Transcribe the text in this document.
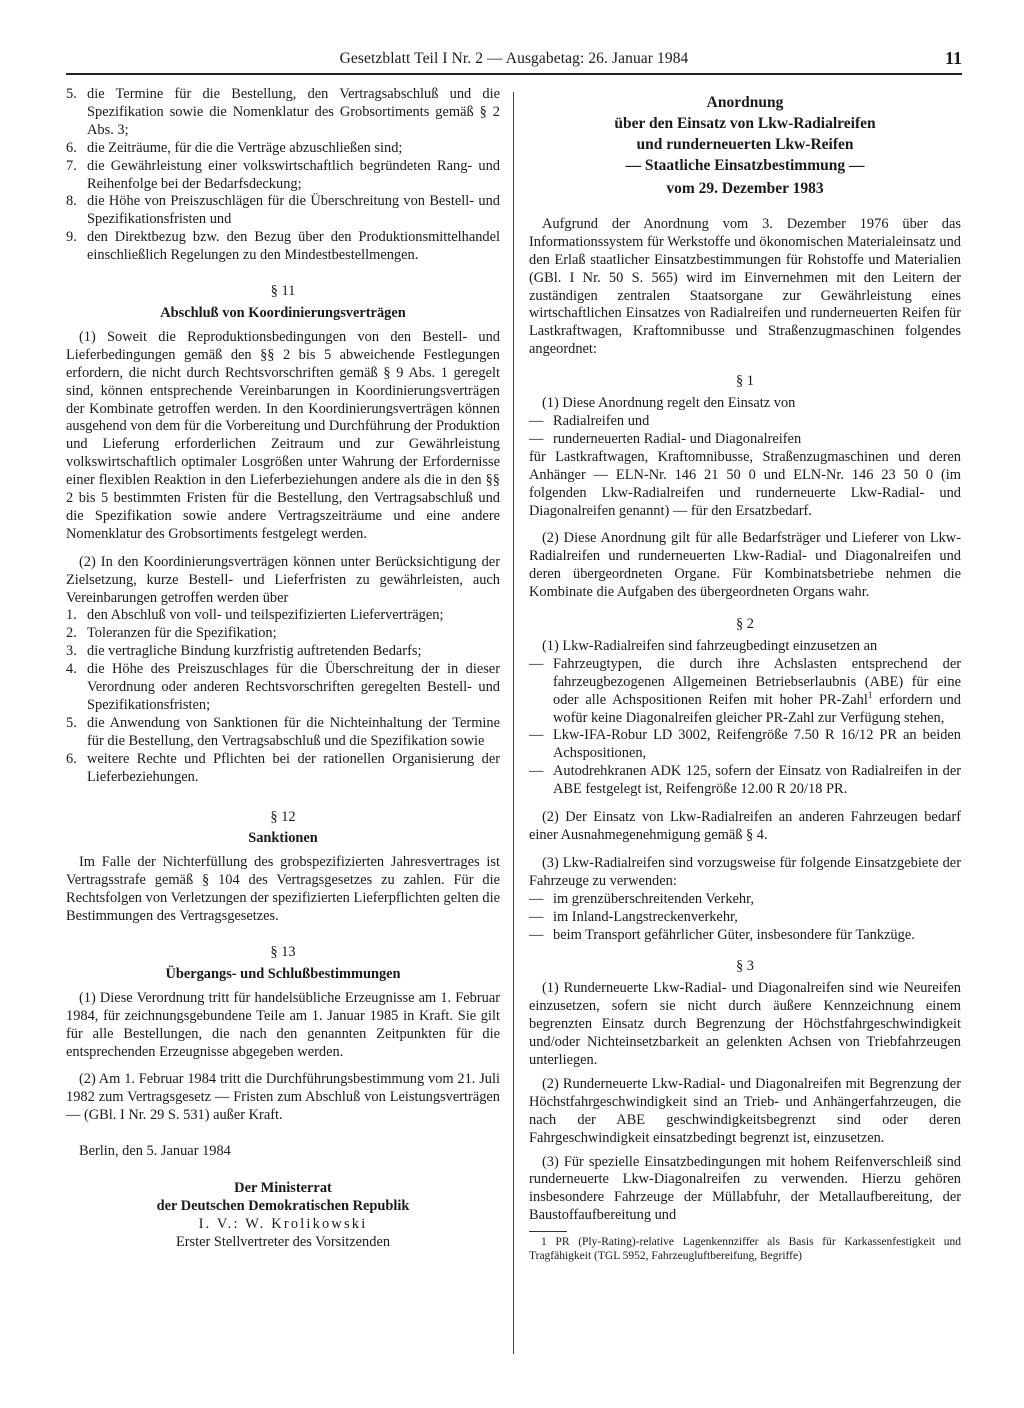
Gesetzblatt Teil I Nr. 2 — Ausgabetag: 26. Januar 1984	11

5. die Termine für die Bestellung, den Vertragsabschluß und die Spezifikation sowie die Nomenklatur des Grobsortiments gemäß § 2 Abs. 3;

6. die Zeiträume, für die die Verträge abzuschließen sind;

7. die Gewährleistung einer volkswirtschaftlich begründeten Rang- und Reihenfolge bei der Bedarfsdeckung;

8. die Höhe von Preiszuschlägen für die Überschreitung von Bestell- und Spezifikationsfristen und

9. den Direktbezug bzw. den Bezug über den Produktionsmittelhandel einschließlich Regelungen zu den Mindestbestellmengen.

§ 11
Abschluß von Koordinierungsverträgen

(1) Soweit die Reproduktionsbedingungen von den Bestell- und Lieferbedingungen gemäß den §§ 2 bis 5 abweichende Festlegungen erfordern, die nicht durch Rechtsvorschriften gemäß § 9 Abs. 1 geregelt sind, können entsprechende Vereinbarungen in Koordinierungsverträgen der Kombinate getroffen werden. In den Koordinierungsverträgen können ausgehend von dem für die Vorbereitung und Durchführung der Produktion und Lieferung erforderlichen Zeitraum und zur Gewährleistung volkswirtschaftlich optimaler Losgrößen unter Wahrung der Erfordernisse einer flexiblen Reaktion in den Lieferbeziehungen andere als die in den §§ 2 bis 5 bestimmten Fristen für die Bestellung, den Vertragsabschluß und die Spezifikation sowie andere Vertragszeiträume und eine andere Nomenklatur des Grobsortiments festgelegt werden.

(2) In den Koordinierungsverträgen können unter Berücksichtigung der Zielsetzung, kurze Bestell- und Lieferfristen zu gewährleisten, auch Vereinbarungen getroffen werden über

1. den Abschluß von voll- und teilspezifizierten Lieferverträgen;

2. Toleranzen für die Spezifikation;

3. die vertragliche Bindung kurzfristig auftretenden Bedarfs;

4. die Höhe des Preiszuschlages für die Überschreitung der in dieser Verordnung oder anderen Rechtsvorschriften geregelten Bestell- und Spezifikationsfristen;

5. die Anwendung von Sanktionen für die Nichteinhaltung der Termine für die Bestellung, den Vertragsabschluß und die Spezifikation sowie

6. weitere Rechte und Pflichten bei der rationellen Organisierung der Lieferbeziehungen.

§ 12
Sanktionen

Im Falle der Nichterfüllung des grobspezifizierten Jahresvertrages ist Vertragsstrafe gemäß § 104 des Vertragsgesetzes zu zahlen. Für die Rechtsfolgen von Verletzungen der spezifizierten Lieferpflichten gelten die Bestimmungen des Vertragsgesetzes.

§ 13
Übergangs- und Schlußbestimmungen

(1) Diese Verordnung tritt für handelsübliche Erzeugnisse am 1. Februar 1984, für zeichnungsgebundene Teile am 1. Januar 1985 in Kraft. Sie gilt für alle Bestellungen, die nach den genannten Zeitpunkten für die entsprechenden Erzeugnisse abgegeben werden.

(2) Am 1. Februar 1984 tritt die Durchführungsbestimmung vom 21. Juli 1982 zum Vertragsgesetz — Fristen zum Abschluß von Leistungsverträgen — (GBl. I Nr. 29 S. 531) außer Kraft.

Berlin, den 5. Januar 1984

Der Ministerrat
der Deutschen Demokratischen Republik
I. V.: W. Krolikowski
Erster Stellvertreter des Vorsitzenden
Anordnung
über den Einsatz von Lkw-Radialreifen
und runderneuerten Lkw-Reifen
— Staatliche Einsatzbestimmung —
vom 29. Dezember 1983

Aufgrund der Anordnung vom 3. Dezember 1976 über das Informationssystem für Werkstoffe und ökonomischen Materialeinsatz und den Erlaß staatlicher Einsatzbestimmungen für Rohstoffe und Materialien (GBl. I Nr. 50 S. 565) wird im Einvernehmen mit den Leitern der zuständigen zentralen Staatsorgane zur Gewährleistung eines wirtschaftlichen Einsatzes von Radialreifen und runderneuerten Reifen für Lastkraftwagen, Kraftomnibusse und Straßenzugmaschinen folgendes angeordnet:

§ 1

(1) Diese Anordnung regelt den Einsatz von

— Radialreifen und

— runderneuerten Radial- und Diagonalreifen

für Lastkraftwagen, Kraftomnibusse, Straßenzugmaschinen und deren Anhänger — ELN-Nr. 146 21 50 0 und ELN-Nr. 146 23 50 0 (im folgenden Lkw-Radialreifen und runderneuerte Lkw-Radial- und Diagonalreifen genannt) — für den Ersatzbedarf.

(2) Diese Anordnung gilt für alle Bedarfsträger und Lieferer von Lkw-Radialreifen und runderneuerten Lkw-Radial- und Diagonalreifen und deren übergeordneten Organe. Für Kombinatsbetriebe nehmen die Kombinate die Aufgaben des übergeordneten Organs wahr.

§ 2

(1) Lkw-Radialreifen sind fahrzeugbedingt einzusetzen an

— Fahrzeugtypen, die durch ihre Achslasten entsprechend der fahrzeugbezogenen Allgemeinen Betriebserlaubnis (ABE) für eine oder alle Achspositionen Reifen mit hoher PR-Zahl$^1$ erfordern und wofür keine Diagonalreifen gleicher PR-Zahl zur Verfügung stehen,

— Lkw-IFA-Robur LD 3002, Reifengröße 7.50 R 16/12 PR an beiden Achspositionen,

— Autodrehkranen ADK 125, sofern der Einsatz von Radialreifen in der ABE festgelegt ist, Reifengröße 12.00 R 20/18 PR.

(2) Der Einsatz von Lkw-Radialreifen an anderen Fahrzeugen bedarf einer Ausnahmegenehmigung gemäß § 4.

(3) Lkw-Radialreifen sind vorzugsweise für folgende Einsatzgebiete der Fahrzeuge zu verwenden:

— im grenzüberschreitenden Verkehr,

— im Inland-Langstreckenverkehr,

— beim Transport gefährlicher Güter, insbesondere für Tankzüge.

§ 3

(1) Runderneuerte Lkw-Radial- und Diagonalreifen sind wie Neureifen einzusetzen, sofern sie nicht durch äußere Kennzeichnung einem begrenzten Einsatz durch Begrenzung der Höchstfahrgeschwindigkeit und/oder Nichteinsetzbarkeit an gelenkten Achsen von Triebfahrzeugen unterliegen.

(2) Runderneuerte Lkw-Radial- und Diagonalreifen mit Begrenzung der Höchstfahrgeschwindigkeit sind an Trieb- und Anhängerfahrzeugen, die nach der ABE geschwindigkeitsbegrenzt sind oder deren Fahrgeschwindigkeit einsatzbedingt begrenzt ist, einzusetzen.

(3) Für spezielle Einsatzbedingungen mit hohem Reifenverschleiß sind runderneuerte Lkw-Diagonalreifen zu verwenden. Hierzu gehören insbesondere Fahrzeuge der Müllabfuhr, der Metallaufbereitung, der Baustoffaufbereitung und

1 PR (Ply-Rating)-relative Lagenkennziffer als Basis für Karkassenfestigkeit und Tragfähigkeit (TGL 5952, Fahrzeugluftbereifung, Begriffe)
